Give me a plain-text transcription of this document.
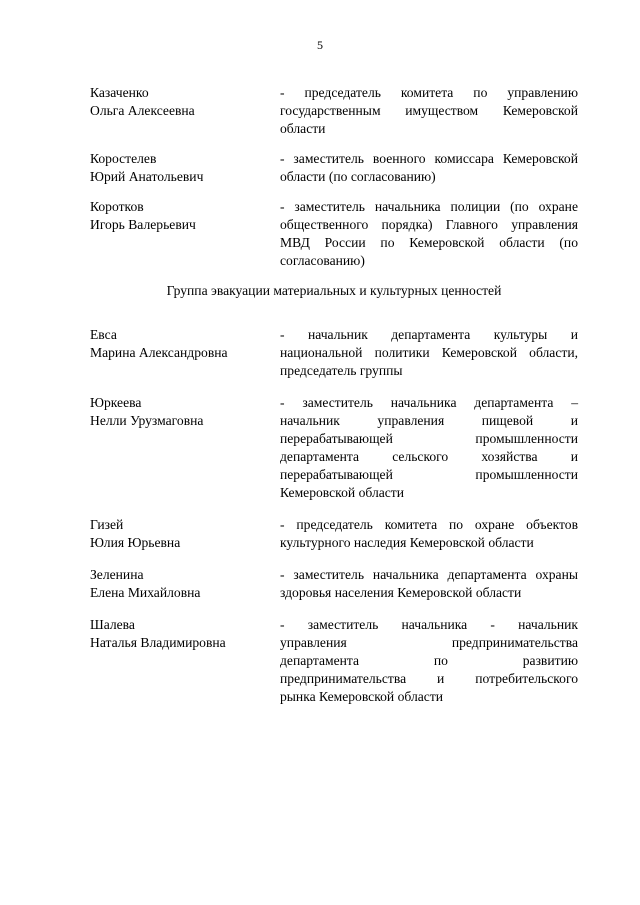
5
Казаченко
Ольга Алексеевна
- председатель комитета по управлению
государственным имуществом Кемеровской
области
Коростелев
Юрий Анатольевич
- заместитель военного комиссара Кемеровской
области (по согласованию)
Коротков
Игорь Валерьевич
- заместитель начальника полиции (по охране
общественного порядка) Главного управления
МВД России по Кемеровской области (по
согласованию)
Группа эвакуации материальных и культурных ценностей
Евса
Марина Александровна
- начальник департамента культуры и
национальной политики Кемеровской области,
председатель группы
Юркеева
Нелли Урузмаговна
- заместитель начальника департамента –
начальник управления пищевой и
перерабатывающей промышленности
департамента сельского хозяйства и
перерабатывающей промышленности
Кемеровской области
Гизей
Юлия Юрьевна
- председатель комитета по охране объектов
культурного наследия Кемеровской области
Зеленина
Елена Михайловна
- заместитель начальника департамента охраны
здоровья населения Кемеровской области
Шалева
Наталья Владимировна
- заместитель начальника - начальник
управления предпринимательства
департамента по развитию
предпринимательства и потребительского
рынка Кемеровской области
